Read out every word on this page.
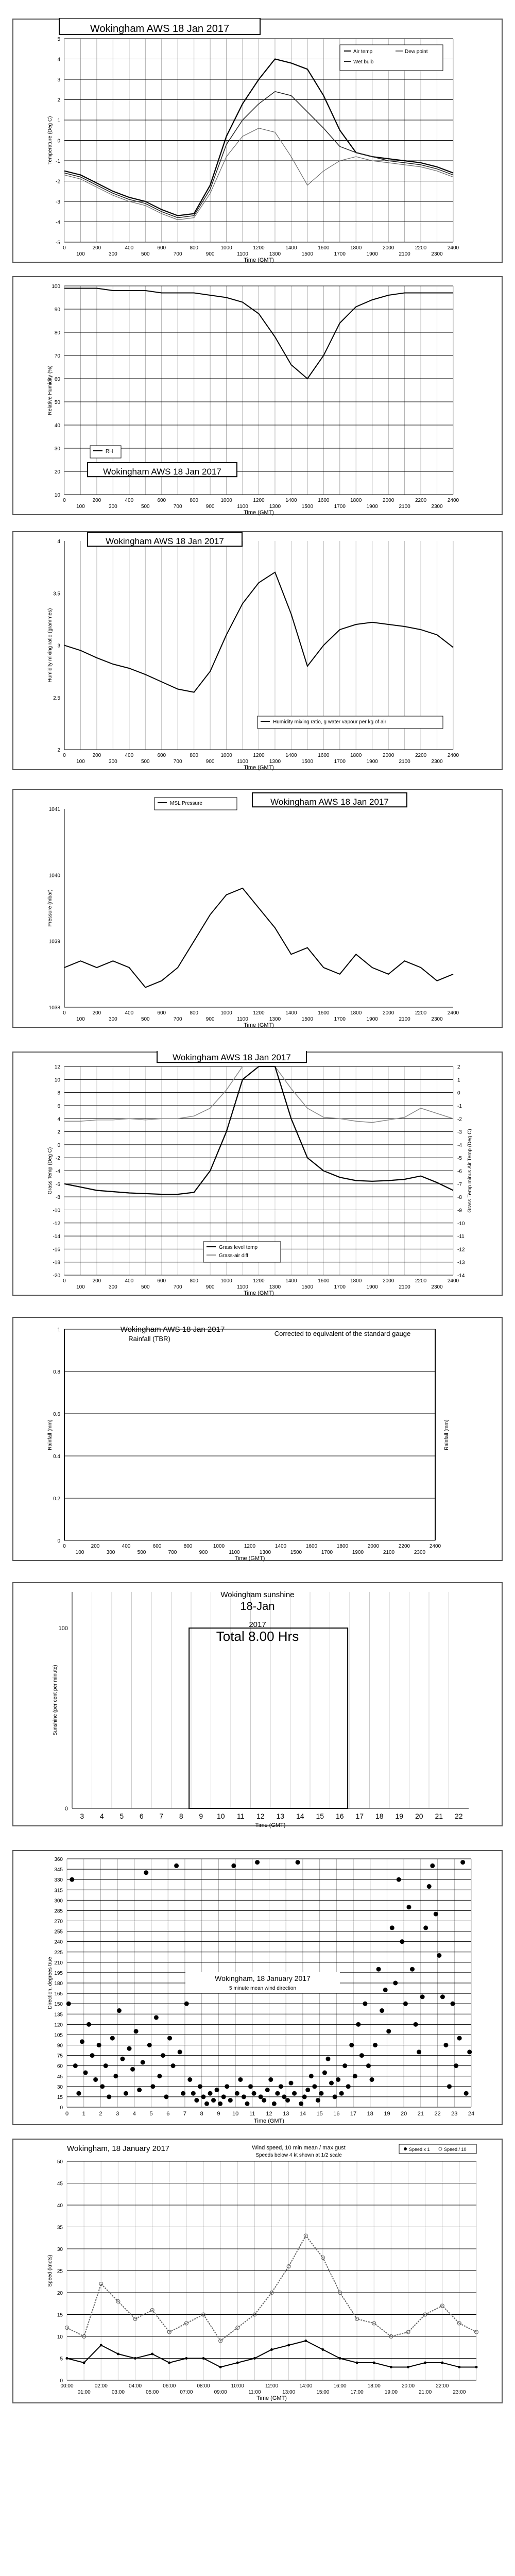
-5
-4
-3
-2
-1
0
1
2
3
4
5
Temperature (Deg C)
0	200	400	600	800	1000	1200	1400	1600	1800	2000	2200	2400
100	300	500	700	900	1100	1300	1500	1700	1900	2100	2300
Time (GMT)
Air temp
Wet bulb
Dew point
Wokingham AWS 18 Jan 2017
10
20
30
40
50
60
70
80
90
100
Relative Humidity (%)
0	200	400	600	800	1000	1200	1400	1600	1800	2000	2200	2400
100	300	500	700	900	1100	1300	1500	1700	1900	2100	2300
Time (GMT)
RH
Wokingham AWS 18 Jan 2017
2
2.5
3
3.5
4
Humidity mixing ratio (grammes)
0	200	400	600	800	1000	1200	1400	1600	1800	2000	2200	2400
100	300	500	700	900	1100	1300	1500	1700	1900	2100	2300
Time (GMT)
Humidity mixing ratio, g water vapour per kg of air
Wokingham AWS 18 Jan 2017
1038
1039
1040
1041
Pressure (mbar)
0	200	400	600	800	1000	1200	1400	1600	1800	2000	2200	2400
100	300	500	700	900	1100	1300	1500	1700	1900	2100	2300
Time (GMT)
MSL Pressure	Wokingham AWS 18 Jan 2017
12
10
8
6
4
2
0
-2
-4
-6
-8
-10
-12
-14
-16
-18
-20
2
1
0
-1
-2
-3
-4
-5
-6
-7
-8
-9
-10
-11
-12
-13
-14
Grass Temp (Deg C)	Grass Temp minus Air Temp (Deg C)
0	200	400	600	800	1000	1200	1400	1600	1800	2000	2200	2400
100	300	500	700	900	1100	1300	1500	1700	1900	2100	2300
Time (GMT)
Grass level temp
Grass-air diff
Wokingham AWS 18 Jan 2017
0
0.2
0.4
0.6
0.8
1
Rainfall (mm)	Rainfall (mm)
0	200	400	600	800	1000	1200	1400	1600	1800	2000	2200	2400
100	300	500	700	900	1100	1300	1500	1700	1900	2100	2300
Time (GMT)
Wokingham AWS 18 Jan 2017
Rainfall (TBR)
Corrected to equivalent of the standard gauge
3 4 5 6 7 8 9 10 11 12 13 14 15 16 17 18 19 20 21 22
0
100
Sunshine (per cent per minute)
Time (GMT)
Wokingham sunshine
18-Jan
2017
Total 8.00 Hrs
0
15
30
45
60
75
90
105
120
135
150
165
180
195
210
225
240
255
270
285
300
315
330
345
360
0 1 2 3 4 5 6 7 8 9 10 11 12 13 14 15 16 17 18 19 20 21 22 23 24
Time (GMT)
Direction, degrees true	Wokingham, 18 January 2017
5 minute mean wind direction
0
5
10
15
20
25
30
35
40
45
50
00:00	02:00	04:00	06:00	08:00	10:00	12:00	14:00	16:00	18:00	20:00	22:00
01:00	03:00	05:00	07:00	09:00	11:00	13:00	15:00	17:00	19:00	21:00	23:00
Time (GMT)
Speed (knots)
Wokingham, 18 January 2017	Wind speed, 10 min mean / max gust
Speeds below 4 kt shown at 1/2 scale
Speed x 1	Speed / 10
